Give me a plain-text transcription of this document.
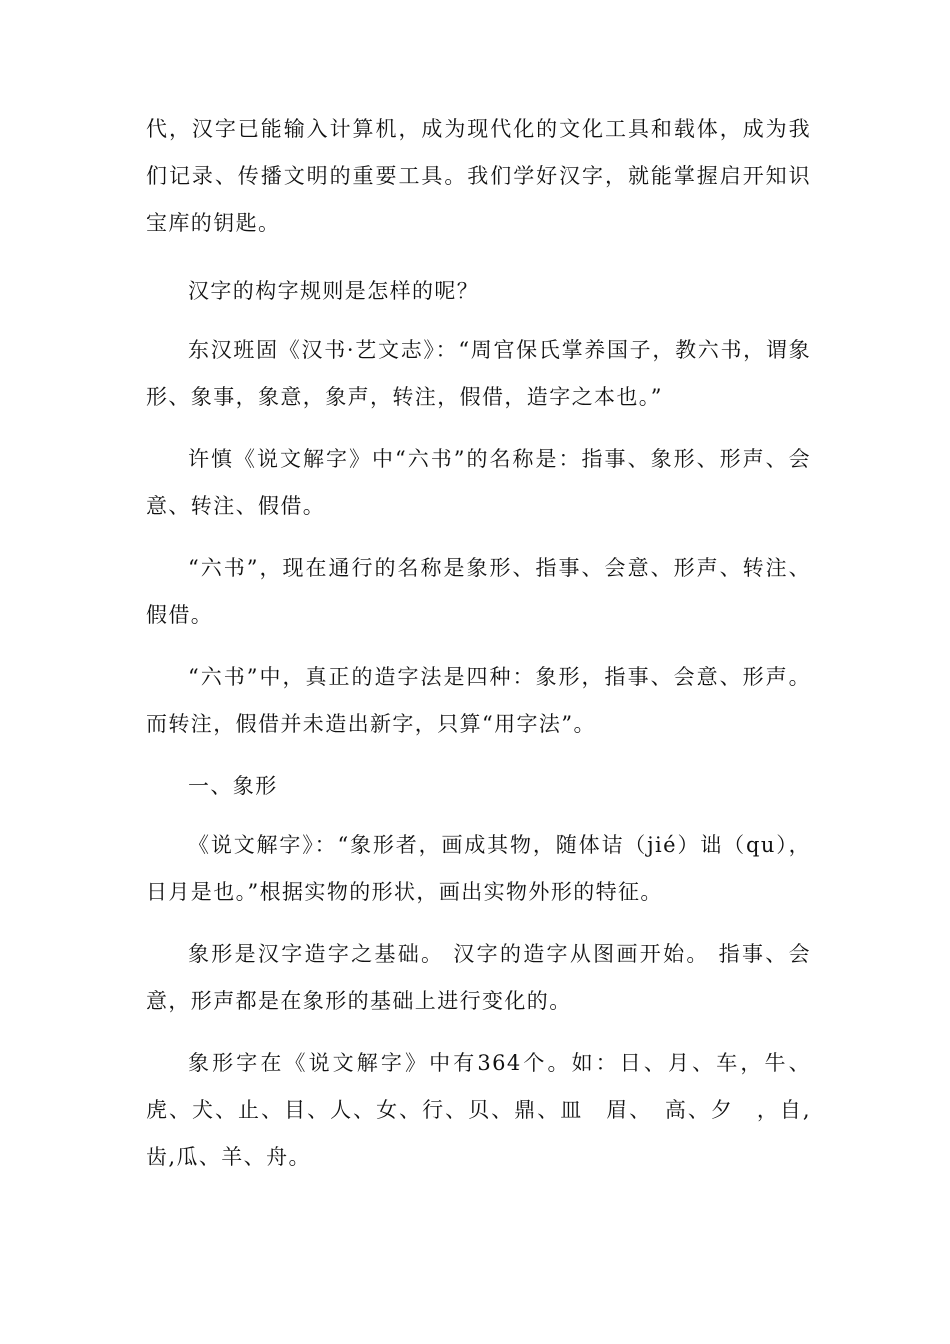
代，汉字已能输入计算机，成为现代化的文化工具和载体，成为我们记录、传播文明的重要工具。我们学好汉字，就能掌握启开知识宝库的钥匙。

汉字的构字规则是怎样的呢？

东汉班固《汉书·艺文志》：“周官保氏掌养国子，教六书，谓象形、象事，象意，象声，转注，假借，造字之本也。”

许慎《说文解字》中“六书”的名称是：指事、象形、形声、会意、转注、假借。

“六书”，现在通行的名称是象形、指事、会意、形声、转注、假借。

“六书”中，真正的造字法是四种：象形，指事、会意、形声。而转注，假借并未造出新字，只算“用字法”。

一、象形

《说文解字》：“象形者，画成其物，随体诘（jié）诎（qu），日月是也。”根据实物的形状，画出实物外形的特征。

象形是汉字造字之基础。 汉字的造字从图画开始。 指事、会意，形声都是在象形的基础上进行变化的。

象形字在《说文解字》中有364个。如：日、月、车，牛、虎、犬、止、目、人、女、行、贝、鼎、皿　眉、　高、夕　，自,齿,瓜、羊、舟。
